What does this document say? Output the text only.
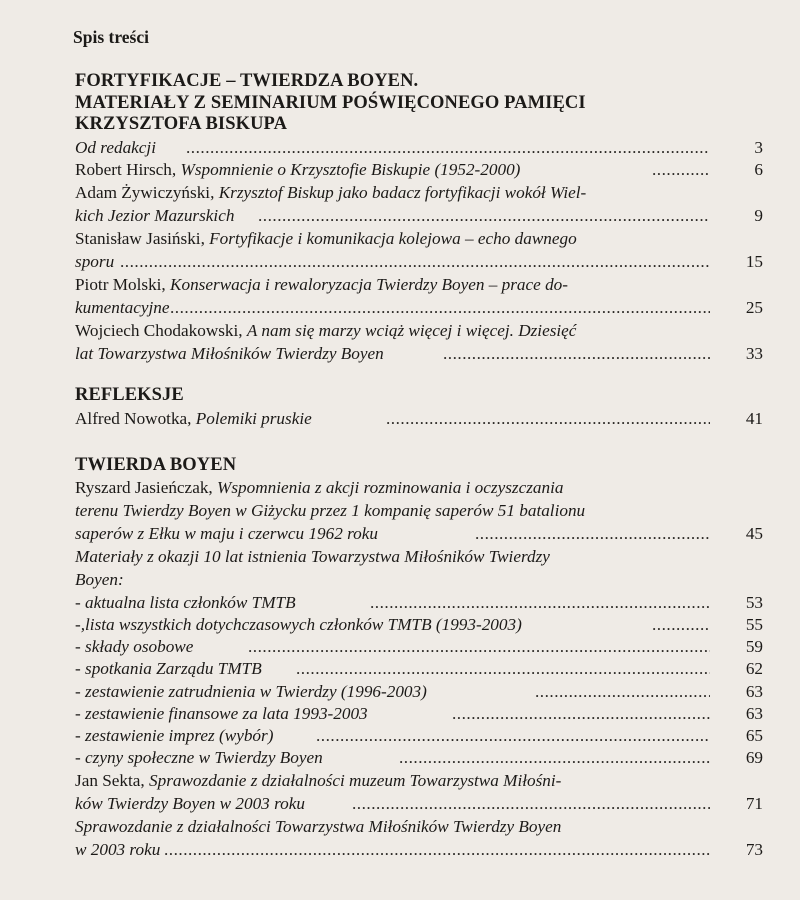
Spis treści
FORTYFIKACJE – TWIERDZA BOYEN.
MATERIAŁY Z SEMINARIUM POŚWIĘCONEGO PAMIĘCI
KRZYSZTOFA BISKUPA
Od redakcji .....	3
Robert Hirsch, Wspomnienie o Krzysztofie Biskupie (1952-2000) .....	6
Adam Żywiczyński, Krzysztof Biskup jako badacz fortyfikacji wokół Wiel-
kich Jezior Mazurskich .....	9
Stanisław Jasiński, Fortyfikacje i komunikacja kolejowa – echo dawnego
sporu .....	15
Piotr Molski, Konserwacja i rewaloryzacja Twierdzy Boyen – prace do-
kumentacyjne .....	25
Wojciech Chodakowski, A nam się marzy wciąż więcej i więcej. Dziesięć
lat Towarzystwa Miłośników Twierdzy Boyen .....	33
REFLEKSJE
Alfred Nowotka, Polemiki pruskie .....	41
TWIERDA BOYEN
Ryszard Jasieńczak, Wspomnienia z akcji rozminowania i oczyszczania
terenu Twierdzy Boyen w Giżycku przez 1 kompanię saperów 51 batalionu
saperów z Ełku w maju i czerwcu 1962 roku .....	45
Materiały z okazji 10 lat istnienia Towarzystwa Miłośników Twierdzy
Boyen:
- aktualna lista członków TMTB .....	53
-,lista wszystkich dotychczasowych członków TMTB (1993-2003) .....	55
- składy osobowe .....	59
- spotkania Zarządu TMTB .....	62
- zestawienie zatrudnienia w Twierdzy (1996-2003) .....	63
- zestawienie finansowe za lata 1993-2003 .....	63
- zestawienie imprez (wybór) .....	65
- czyny społeczne w Twierdzy Boyen .....	69
Jan Sekta, Sprawozdanie z działalności muzeum Towarzystwa Miłośni-
ków Twierdzy Boyen w 2003 roku .....	71
Sprawozdanie z działalności Towarzystwa Miłośników Twierdzy Boyen
w 2003 roku .....	73
